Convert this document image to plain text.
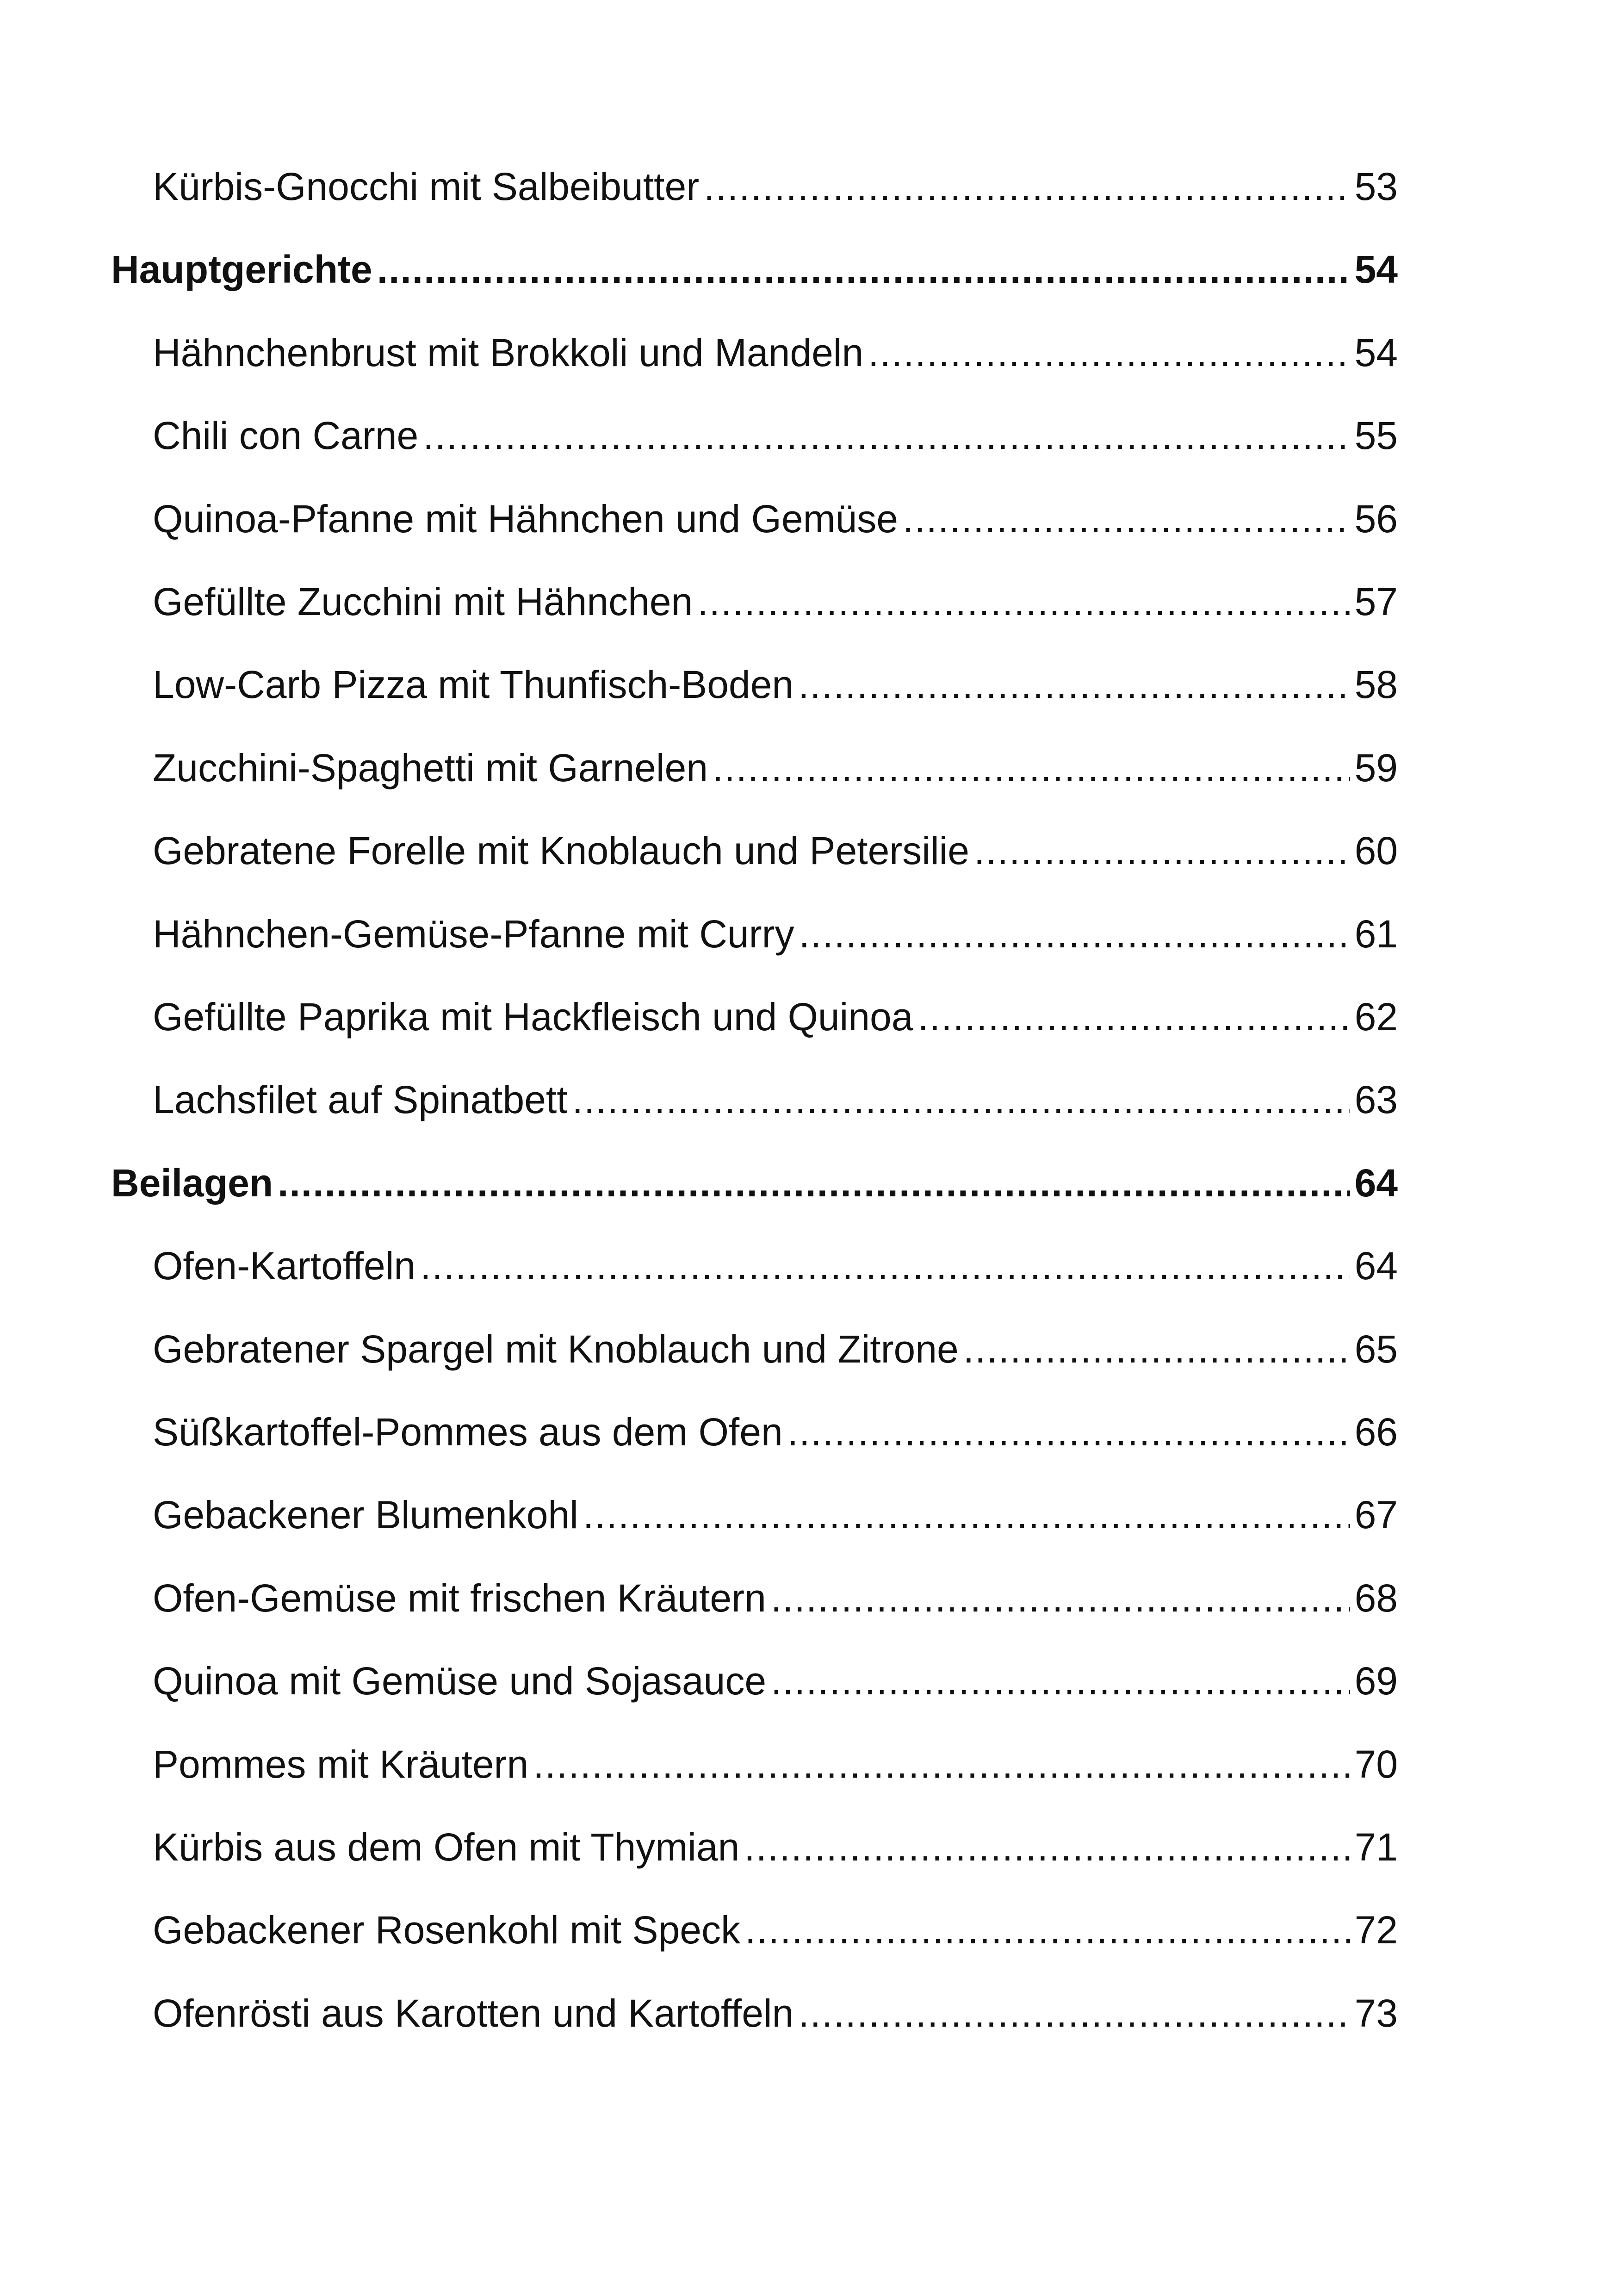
Kürbis-Gnocchi mit Salbeibutter .....	53
Hauptgerichte .....	54
Hähnchenbrust mit Brokkoli und Mandeln .....	54
Chili con Carne .....	55
Quinoa-Pfanne mit Hähnchen und Gemüse .....	56
Gefüllte Zucchini mit Hähnchen .....	57
Low-Carb Pizza mit Thunfisch-Boden .....	58
Zucchini-Spaghetti mit Garnelen .....	59
Gebratene Forelle mit Knoblauch und Petersilie .....	60
Hähnchen-Gemüse-Pfanne mit Curry .....	61
Gefüllte Paprika mit Hackfleisch und Quinoa .....	62
Lachsfilet auf Spinatbett .....	63
Beilagen .....	64
Ofen-Kartoffeln .....	64
Gebratener Spargel mit Knoblauch und Zitrone .....	65
Süßkartoffel-Pommes aus dem Ofen .....	66
Gebackener Blumenkohl .....	67
Ofen-Gemüse mit frischen Kräutern .....	68
Quinoa mit Gemüse und Sojasauce .....	69
Pommes mit Kräutern .....	70
Kürbis aus dem Ofen mit Thymian .....	71
Gebackener Rosenkohl mit Speck .....	72
Ofenrösti aus Karotten und Kartoffeln .....	73
